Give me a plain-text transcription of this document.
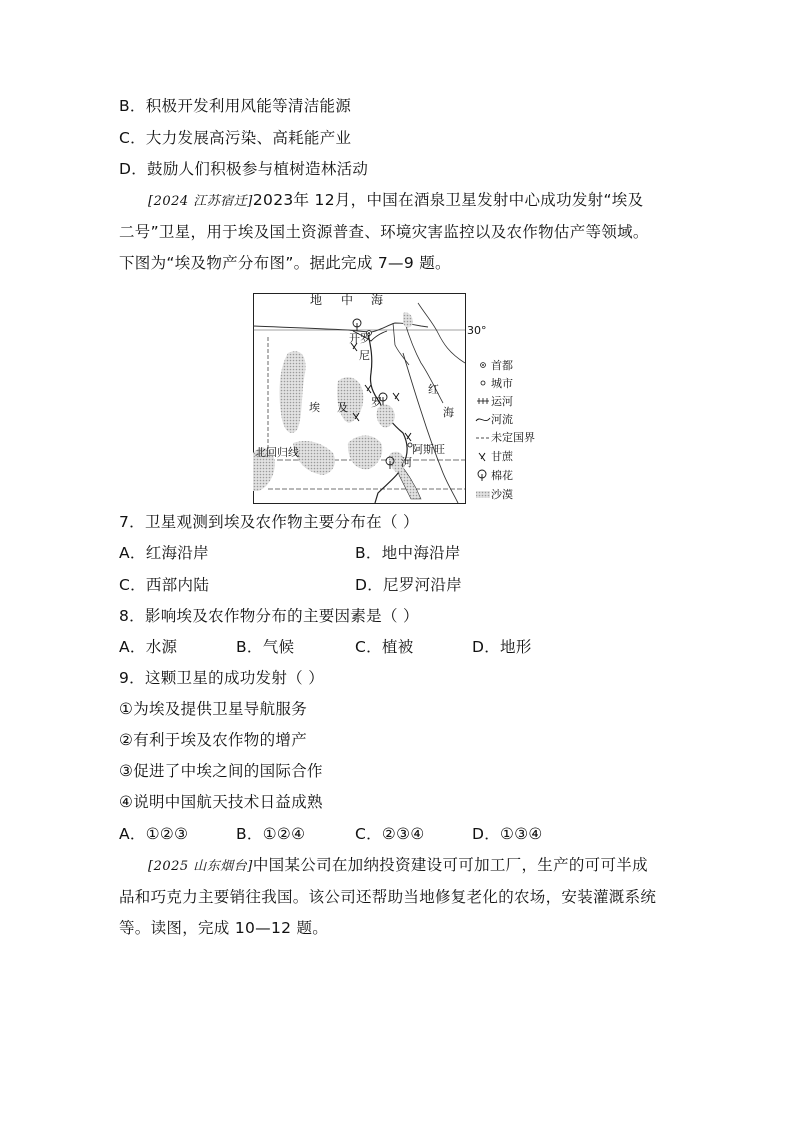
B．积极开发利用风能等清洁能源
C．大力发展高污染、高耗能产业
D．鼓励人们积极参与植树造林活动
[2024 江苏宿迁]2023年 12月，中国在酒泉卫星发射中心成功发射“埃及
二号”卫星，用于埃及国土资源普查、环境灾害监控以及农作物估产等领域。
下图为“埃及物产分布图”。据此完成 7—9 题。
地 中 海
30°
开罗
尼
罗
河
红
海
埃 及
阿斯旺
北回归线
首都
城市
运河
河流
未定国界
甘蔗
棉花
沙漠
7．卫星观测到埃及农作物主要分布在（ ）
A．红海沿岸	B．地中海沿岸
C．西部内陆	D．尼罗河沿岸
8．影响埃及农作物分布的主要因素是（ ）
A．水源	B．气候	C．植被	D．地形
9．这颗卫星的成功发射（ ）
①为埃及提供卫星导航服务
②有利于埃及农作物的增产
③促进了中埃之间的国际合作
④说明中国航天技术日益成熟
A．①②③	B．①②④	C．②③④	D．①③④
[2025 山东烟台]中国某公司在加纳投资建设可可加工厂，生产的可可半成
品和巧克力主要销往我国。该公司还帮助当地修复老化的农场，安装灌溉系统
等。读图，完成 10—12 题。
